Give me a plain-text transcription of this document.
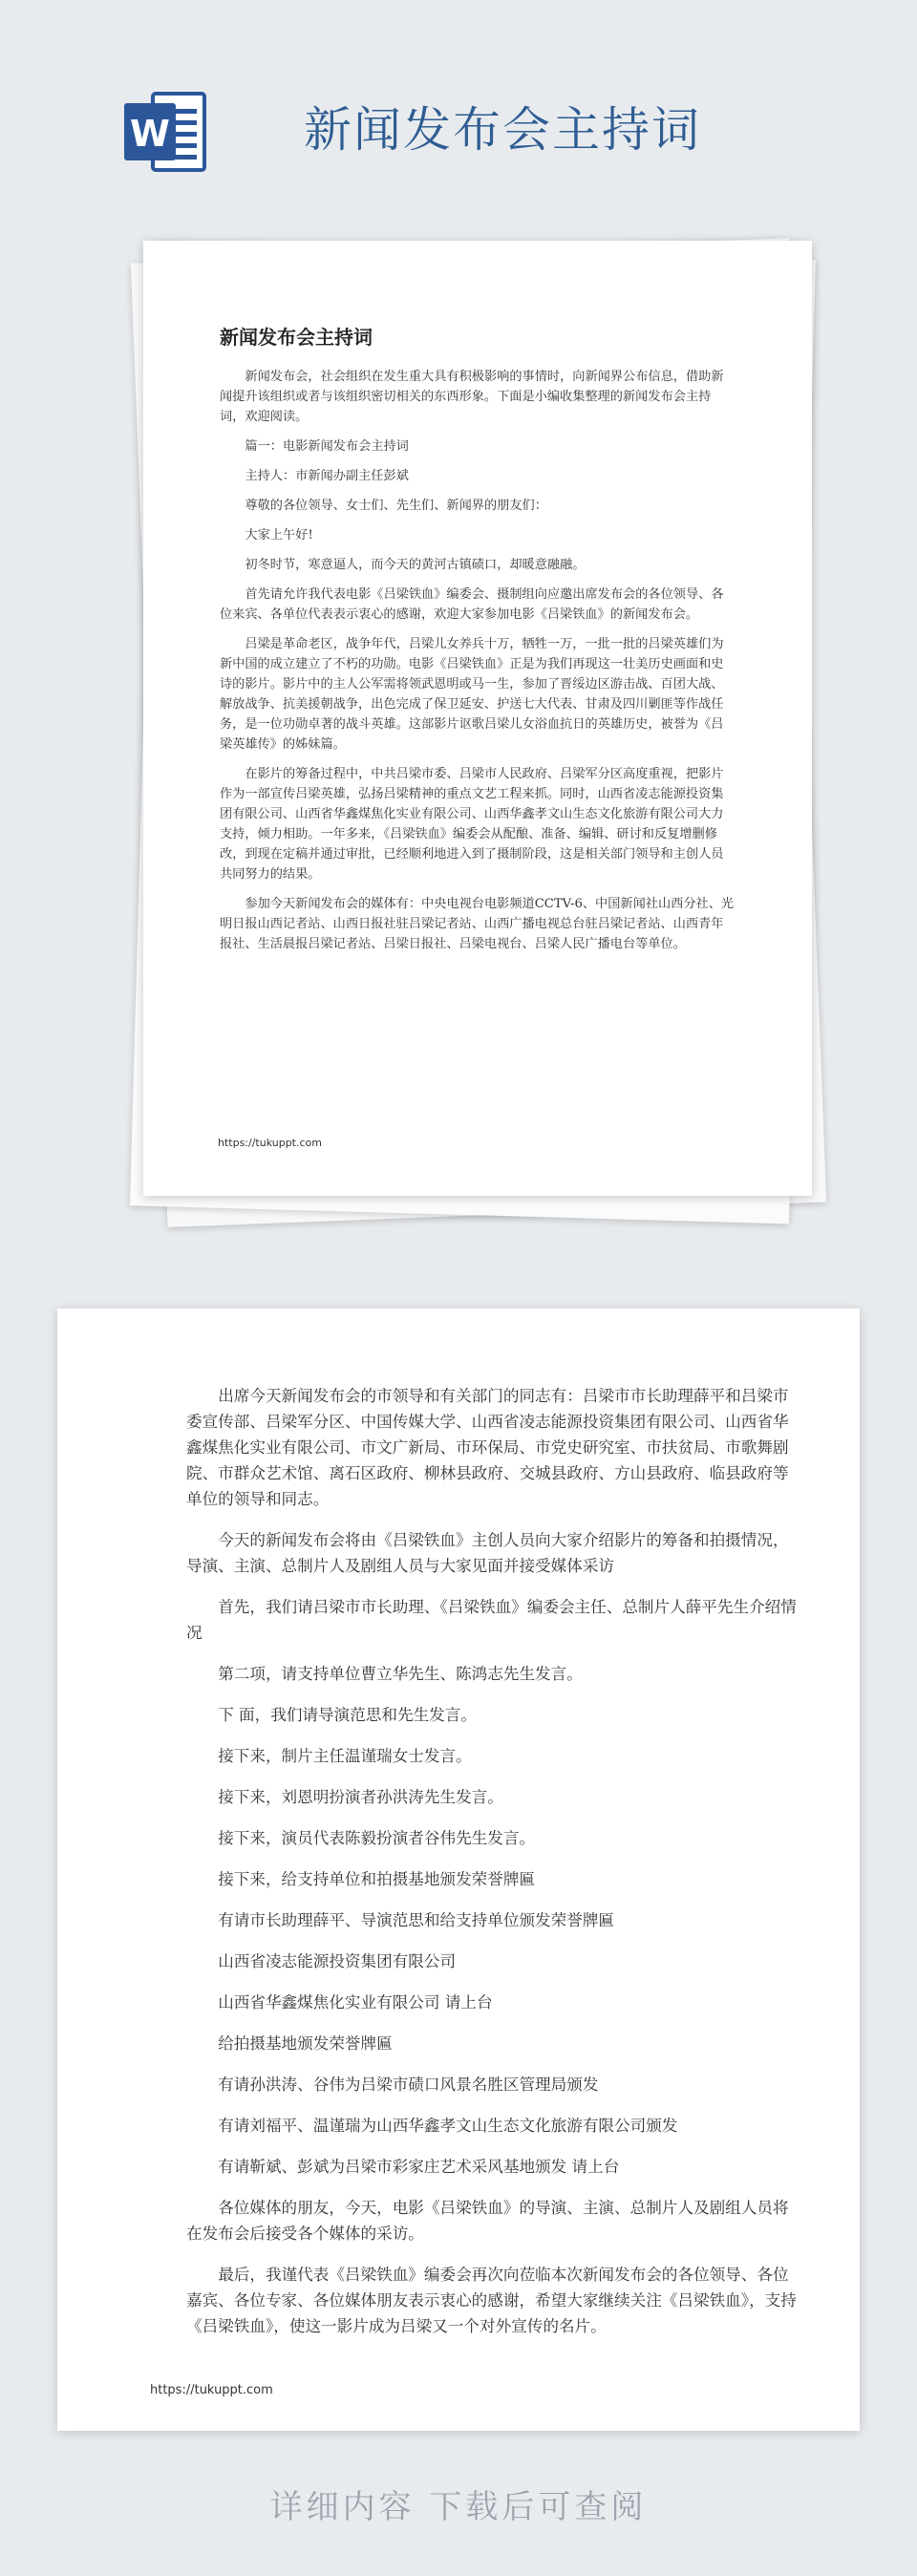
W	新闻发布会主持词
新闻发布会主持词

新闻发布会，社会组织在发生重大具有积极影响的事情时，向新闻界公布信息，借助新闻提升该组织或者与该组织密切相关的东西形象。下面是小编收集整理的新闻发布会主持词，欢迎阅读。

篇一：电影新闻发布会主持词

主持人：市新闻办副主任彭斌

尊敬的各位领导、女士们、先生们、新闻界的朋友们：

大家上午好!

初冬时节，寒意逼人，而今天的黄河古镇碛口，却暖意融融。

首先请允许我代表电影《吕梁铁血》编委会、摄制组向应邀出席发布会的各位领导、各位来宾、各单位代表表示衷心的感谢，欢迎大家参加电影《吕梁铁血》的新闻发布会。

吕梁是革命老区，战争年代，吕梁儿女养兵十万，牺牲一万，一批一批的吕梁英雄们为新中国的成立建立了不朽的功勋。电影《吕梁铁血》正是为我们再现这一壮美历史画面和史诗的影片。影片中的主人公军需将领武恩明或马一生，参加了晋绥边区游击战、百团大战、解放战争、抗美援朝战争，出色完成了保卫延安、护送七大代表、甘肃及四川剿匪等作战任务，是一位功勋卓著的战斗英雄。这部影片讴歌吕梁儿女浴血抗日的英雄历史，被誉为《吕梁英雄传》的姊妹篇。

在影片的筹备过程中，中共吕梁市委、吕梁市人民政府、吕梁军分区高度重视，把影片作为一部宣传吕梁英雄，弘扬吕梁精神的重点文艺工程来抓。同时，山西省凌志能源投资集团有限公司、山西省华鑫煤焦化实业有限公司、山西华鑫孝文山生态文化旅游有限公司大力支持，倾力相助。一年多来，《吕梁铁血》编委会从配酿、准备、编辑、研讨和反复增删修改，到现在定稿并通过审批，已经顺利地进入到了摄制阶段，这是相关部门领导和主创人员共同努力的结果。

参加今天新闻发布会的媒体有：中央电视台电影频道CCTV-6、中国新闻社山西分社、光明日报山西记者站、山西日报社驻吕梁记者站、山西广播电视总台驻吕梁记者站、山西青年报社、生活晨报吕梁记者站、吕梁日报社、吕梁电视台、吕梁人民广播电台等单位。

https://tukuppt.com

出席今天新闻发布会的市领导和有关部门的同志有：吕梁市市长助理薛平和吕梁市委宣传部、吕梁军分区、中国传媒大学、山西省凌志能源投资集团有限公司、山西省华鑫煤焦化实业有限公司、市文广新局、市环保局、市党史研究室、市扶贫局、市歌舞剧院、市群众艺术馆、离石区政府、柳林县政府、交城县政府、方山县政府、临县政府等单位的领导和同志。

今天的新闻发布会将由《吕梁铁血》主创人员向大家介绍影片的筹备和拍摄情况，导演、主演、总制片人及剧组人员与大家见面并接受媒体采访

首先，我们请吕梁市市长助理、《吕梁铁血》编委会主任、总制片人薛平先生介绍情况

第二项，请支持单位曹立华先生、陈鸿志先生发言。

下 面，我们请导演范思和先生发言。

接下来，制片主任温谨瑞女士发言。

接下来，刘恩明扮演者孙洪涛先生发言。

接下来，演员代表陈毅扮演者谷伟先生发言。

接下来，给支持单位和拍摄基地颁发荣誉牌匾

有请市长助理薛平、导演范思和给支持单位颁发荣誉牌匾

山西省凌志能源投资集团有限公司

山西省华鑫煤焦化实业有限公司 请上台

给拍摄基地颁发荣誉牌匾

有请孙洪涛、谷伟为吕梁市碛口风景名胜区管理局颁发

有请刘福平、温谨瑞为山西华鑫孝文山生态文化旅游有限公司颁发

有请靳斌、彭斌为吕梁市彩家庄艺术采风基地颁发 请上台

各位媒体的朋友，今天，电影《吕梁铁血》的导演、主演、总制片人及剧组人员将在发布会后接受各个媒体的采访。

最后，我谨代表《吕梁铁血》编委会再次向莅临本次新闻发布会的各位领导、各位嘉宾、各位专家、各位媒体朋友表示衷心的感谢，希望大家继续关注《吕梁铁血》，支持《吕梁铁血》，使这一影片成为吕梁又一个对外宣传的名片。

https://tukuppt.com
详细内容 下载后可查阅
